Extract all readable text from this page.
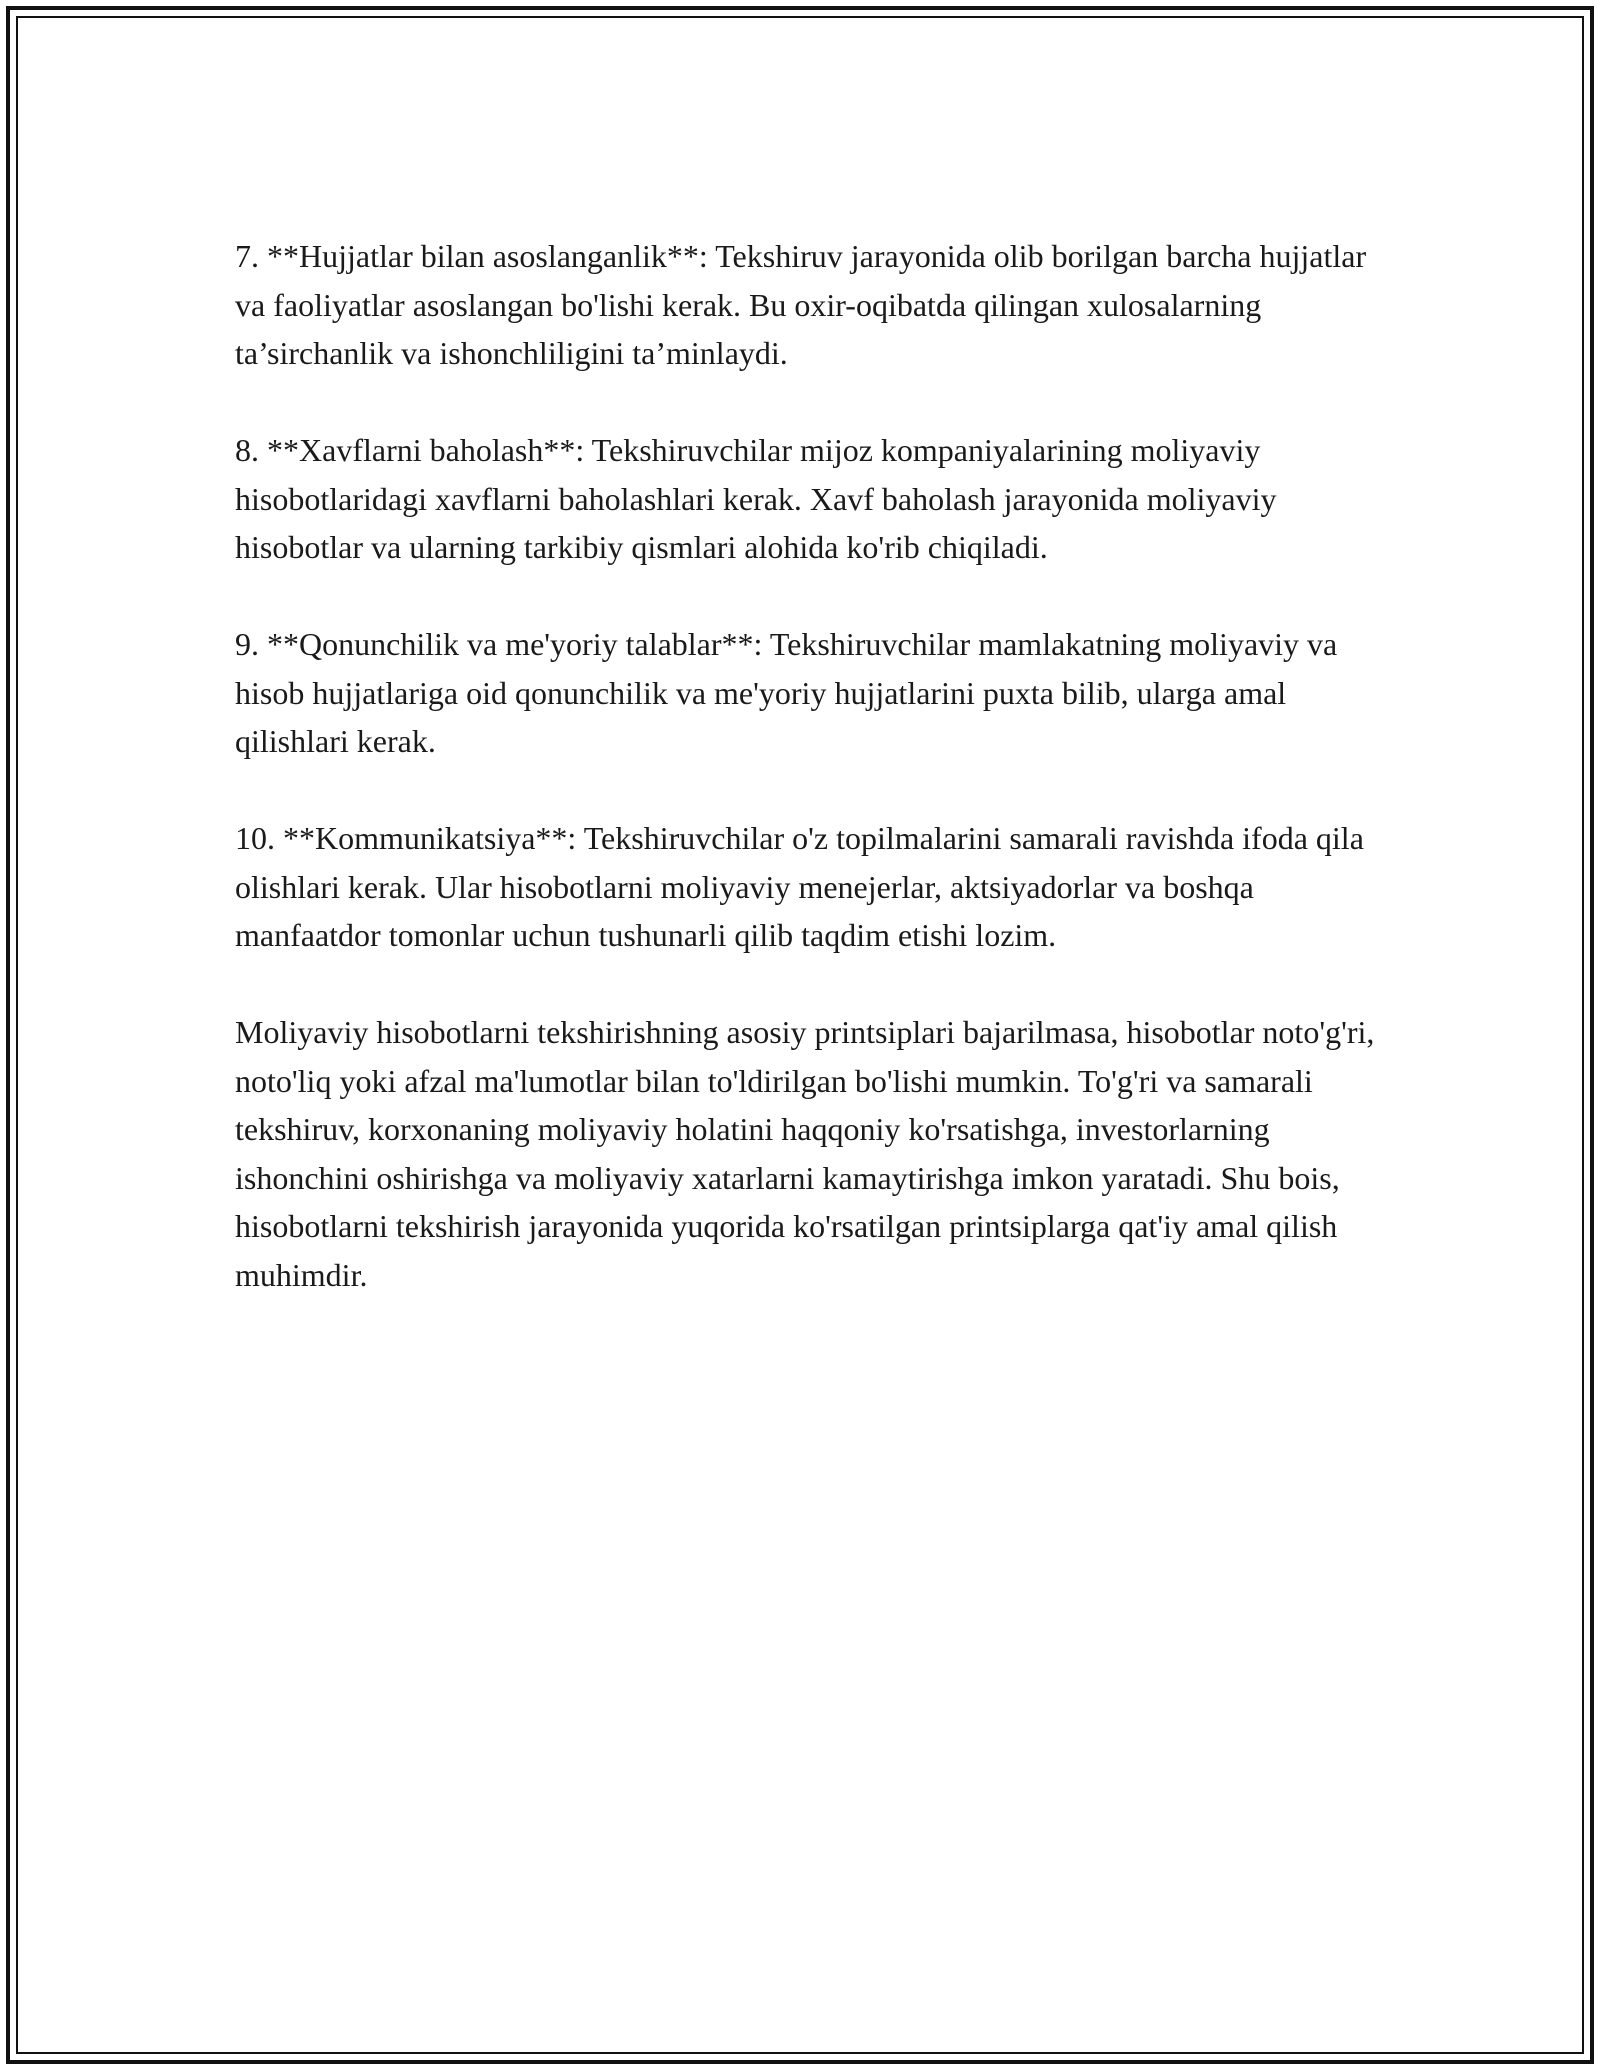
7. **Hujjatlar bilan asoslanganlik**: Tekshiruv jarayonida olib borilgan barcha hujjatlar va faoliyatlar asoslangan bo'lishi kerak. Bu oxir-oqibatda qilingan xulosalarning ta’sirchanlik va ishonchliligini ta’minlaydi.

8. **Xavflarni baholash**: Tekshiruvchilar mijoz kompaniyalarining moliyaviy hisobotlaridagi xavflarni baholashlari kerak. Xavf baholash jarayonida moliyaviy hisobotlar va ularning tarkibiy qismlari alohida ko'rib chiqiladi.

9. **Qonunchilik va me'yoriy talablar**: Tekshiruvchilar mamlakatning moliyaviy va hisob hujjatlariga oid qonunchilik va me'yoriy hujjatlarini puxta bilib, ularga amal qilishlari kerak.

10. **Kommunikatsiya**: Tekshiruvchilar o'z topilmalarini samarali ravishda ifoda qila olishlari kerak. Ular hisobotlarni moliyaviy menejerlar, aktsiyadorlar va boshqa manfaatdor tomonlar uchun tushunarli qilib taqdim etishi lozim.

Moliyaviy hisobotlarni tekshirishning asosiy printsiplari bajarilmasa, hisobotlar noto'g'ri, noto'liq yoki afzal ma'lumotlar bilan to'ldirilgan bo'lishi mumkin. To'g'ri va samarali tekshiruv, korxonaning moliyaviy holatini haqqoniy ko'rsatishga, investorlarning ishonchini oshirishga va moliyaviy xatarlarni kamaytirishga imkon yaratadi. Shu bois, hisobotlarni tekshirish jarayonida yuqorida ko'rsatilgan printsiplarga qat'iy amal qilish muhimdir.
